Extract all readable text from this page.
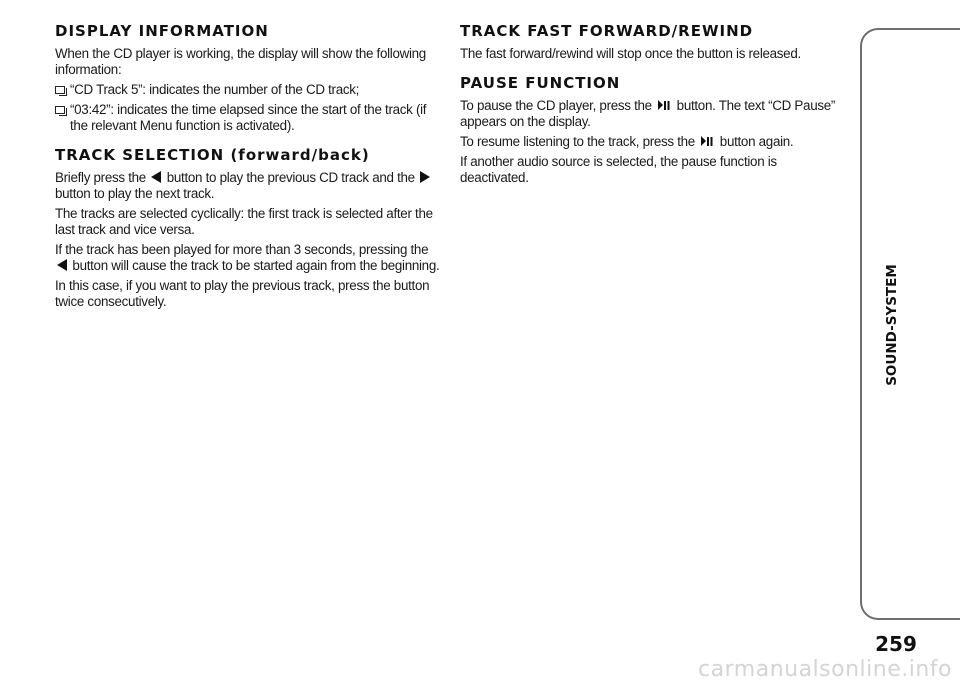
DISPLAY INFORMATION

When the CD player is working, the display will show the following information:

“CD Track 5”: indicates the number of the CD track;

“03:42”: indicates the time elapsed since the start of the track (if the relevant Menu function is activated).

TRACK SELECTION (forward/back)

Briefly press the button to play the previous CD track and the  button to play the next track.

The tracks are selected cyclically: the first track is selected after the last track and vice versa.

If the track has been played for more than 3 seconds, pressing the  button will cause the track to be started again from the beginning.

In this case, if you want to play the previous track, press the button twice consecutively.

TRACK FAST FORWARD/REWIND

The fast forward/rewind will stop once the button is released.

PAUSE FUNCTION

To pause the CD player, press the button. The text “CD Pause” appears on the display.

To resume listening to the track, press the button again.

If another audio source is selected, the pause function is deactivated.

SOUND-SYSTEM
259
carmanualsonline.info
